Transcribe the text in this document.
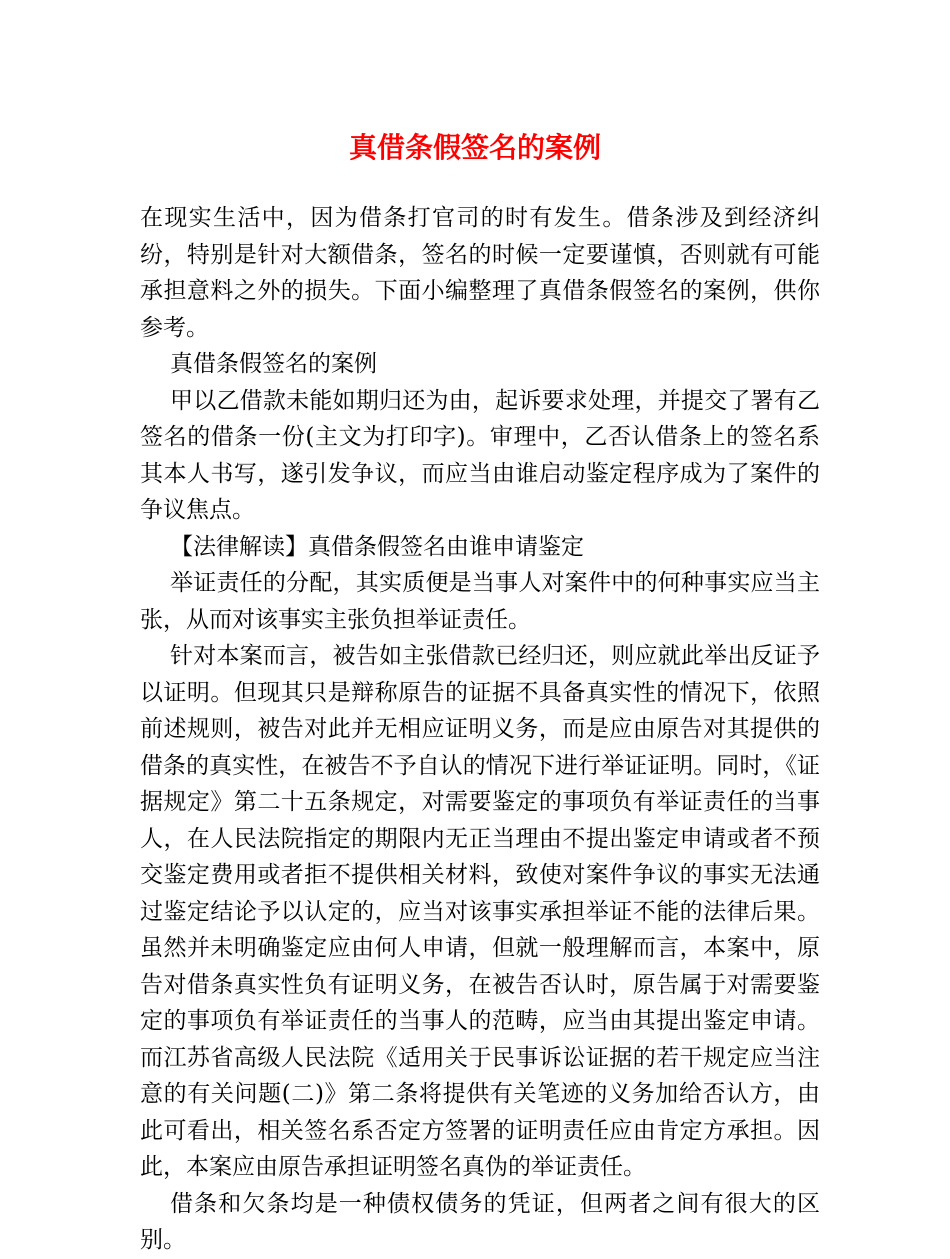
真借条假签名的案例

在现实生活中，因为借条打官司的时有发生。借条涉及到经济纠纷，特别是针对大额借条，签名的时候一定要谨慎，否则就有可能承担意料之外的损失。下面小编整理了真借条假签名的案例，供你参考。

真借条假签名的案例

甲以乙借款未能如期归还为由，起诉要求处理，并提交了署有乙签名的借条一份(主文为打印字)。审理中，乙否认借条上的签名系其本人书写，遂引发争议，而应当由谁启动鉴定程序成为了案件的争议焦点。

【法律解读】真借条假签名由谁申请鉴定

举证责任的分配，其实质便是当事人对案件中的何种事实应当主张，从而对该事实主张负担举证责任。

针对本案而言，被告如主张借款已经归还，则应就此举出反证予以证明。但现其只是辩称原告的证据不具备真实性的情况下，依照前述规则，被告对此并无相应证明义务，而是应由原告对其提供的借条的真实性，在被告不予自认的情况下进行举证证明。同时，《证据规定》第二十五条规定，对需要鉴定的事项负有举证责任的当事人，在人民法院指定的期限内无正当理由不提出鉴定申请或者不预交鉴定费用或者拒不提供相关材料，致使对案件争议的事实无法通过鉴定结论予以认定的，应当对该事实承担举证不能的法律后果。虽然并未明确鉴定应由何人申请，但就一般理解而言，本案中，原告对借条真实性负有证明义务，在被告否认时，原告属于对需要鉴定的事项负有举证责任的当事人的范畴，应当由其提出鉴定申请。而江苏省高级人民法院《适用关于民事诉讼证据的若干规定应当注意的有关问题(二)》第二条将提供有关笔迹的义务加给否认方，由此可看出，相关签名系否定方签署的证明责任应由肯定方承担。因此，本案应由原告承担证明签名真伪的举证责任。

借条和欠条均是一种债权债务的凭证，但两者之间有很大的区别。
